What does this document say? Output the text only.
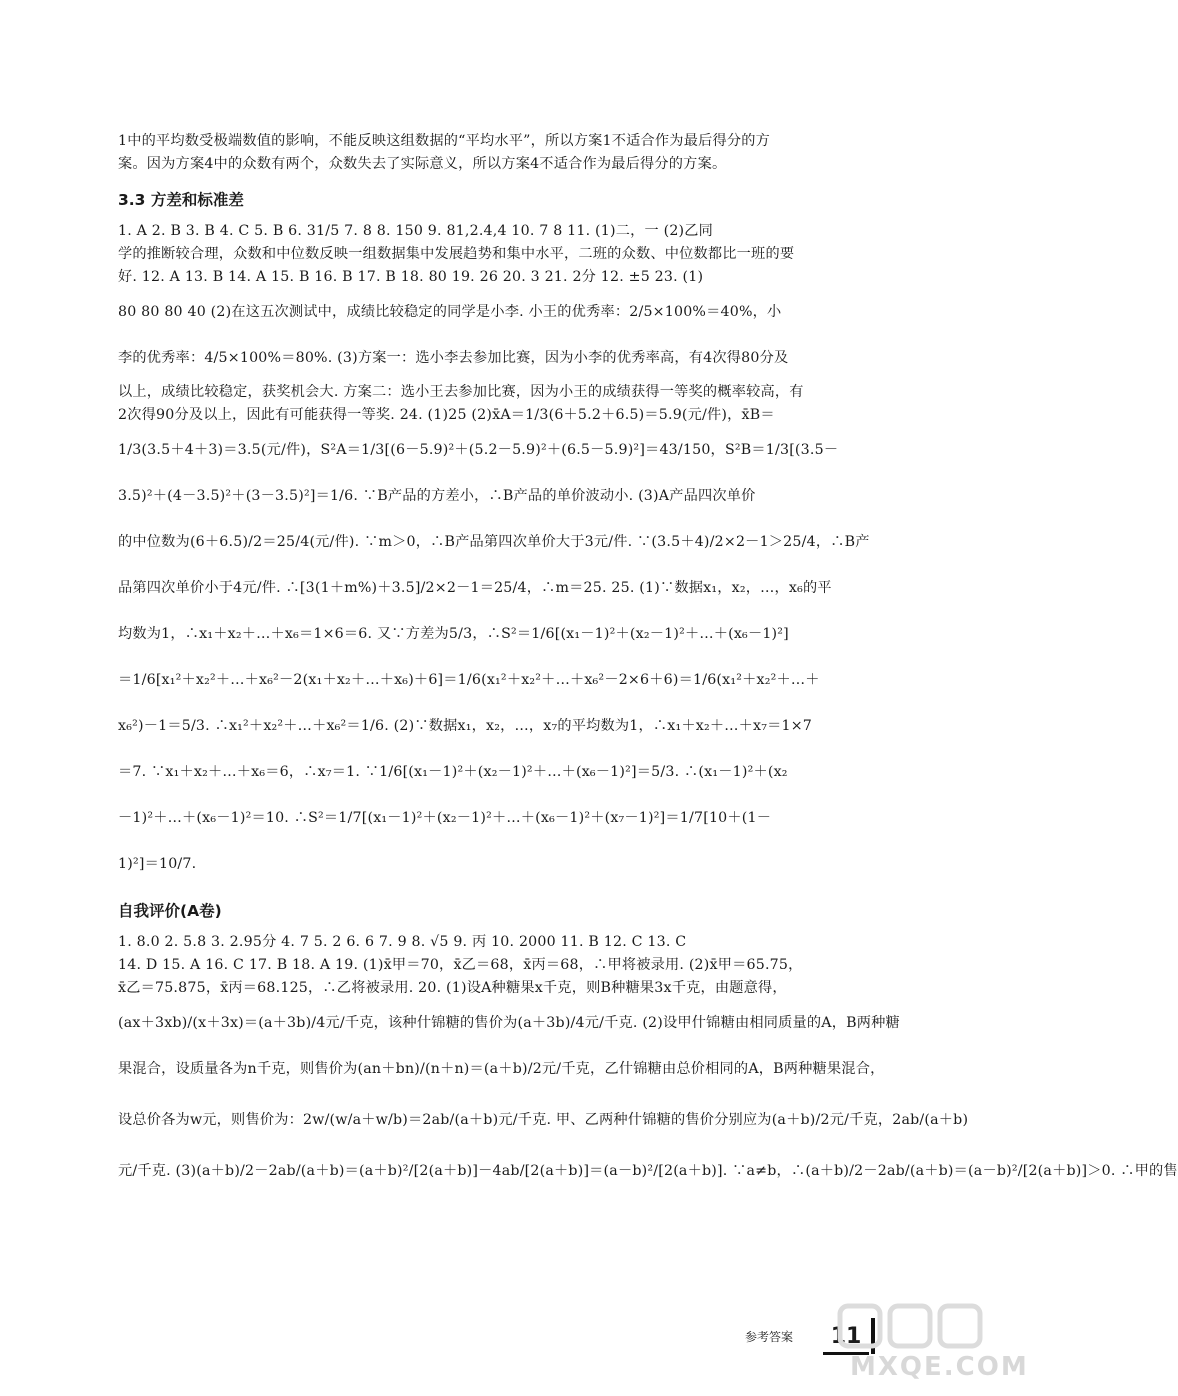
1中的平均数受极端数值的影响，不能反映这组数据的“平均水平”，所以方案1不适合作为最后得分的方
案。因为方案4中的众数有两个，众数失去了实际意义，所以方案4不适合作为最后得分的方案。
3.3 方差和标准差
1. A 2. B 3. B 4. C 5. B 6. 31/5 7. 8 8. 150 9. 81,2.4,4 10. 7 8 11. (1)二，一 (2)乙同
学的推断较合理，众数和中位数反映一组数据集中发展趋势和集中水平，二班的众数、中位数都比一班的要
好. 12. A 13. B 14. A 15. B 16. B 17. B 18. 80 19. 26 20. 3 21. 2分 12. ±5 23. (1)
80 80 80 40 (2)在这五次测试中，成绩比较稳定的同学是小李. 小王的优秀率：2/5×100%＝40%，小
李的优秀率：4/5×100%＝80%. (3)方案一：选小李去参加比赛，因为小李的优秀率高，有4次得80分及
以上，成绩比较稳定，获奖机会大. 方案二：选小王去参加比赛，因为小王的成绩获得一等奖的概率较高，有
2次得90分及以上，因此有可能获得一等奖. 24. (1)25 (2)x̄A＝1/3(6＋5.2＋6.5)＝5.9(元/件)，x̄B＝
1/3(3.5＋4＋3)＝3.5(元/件)，S²A＝1/3[(6－5.9)²＋(5.2－5.9)²＋(6.5－5.9)²]＝43/150，S²B＝1/3[(3.5－
3.5)²＋(4－3.5)²＋(3－3.5)²]＝1/6. ∵B产品的方差小，∴B产品的单价波动小. (3)A产品四次单价
的中位数为(6＋6.5)/2＝25/4(元/件). ∵m＞0，∴B产品第四次单价大于3元/件. ∵(3.5＋4)/2×2－1＞25/4，∴B产
品第四次单价小于4元/件. ∴[3(1＋m%)＋3.5]/2×2－1＝25/4，∴m＝25. 25. (1)∵数据x₁，x₂，…，x₆的平
均数为1，∴x₁＋x₂＋…＋x₆＝1×6＝6. 又∵方差为5/3，∴S²＝1/6[(x₁－1)²＋(x₂－1)²＋…＋(x₆－1)²]
＝1/6[x₁²＋x₂²＋…＋x₆²－2(x₁＋x₂＋…＋x₆)＋6]＝1/6(x₁²＋x₂²＋…＋x₆²－2×6＋6)＝1/6(x₁²＋x₂²＋…＋
x₆²)－1＝5/3. ∴x₁²＋x₂²＋…＋x₆²＝1/6. (2)∵数据x₁，x₂，…，x₇的平均数为1，∴x₁＋x₂＋…＋x₇＝1×7
＝7. ∵x₁＋x₂＋…＋x₆＝6，∴x₇＝1. ∵1/6[(x₁－1)²＋(x₂－1)²＋…＋(x₆－1)²]＝5/3. ∴(x₁－1)²＋(x₂
－1)²＋…＋(x₆－1)²＝10. ∴S²＝1/7[(x₁－1)²＋(x₂－1)²＋…＋(x₆－1)²＋(x₇－1)²]＝1/7[10＋(1－
1)²]＝10/7.
自我评价(A卷)
1. 8.0 2. 5.8 3. 2.95分 4. 7 5. 2 6. 6 7. 9 8. √5 9. 丙 10. 2000 11. B 12. C 13. C
14. D 15. A 16. C 17. B 18. A 19. (1)x̄甲＝70，x̄乙＝68，x̄丙＝68，∴甲将被录用. (2)x̄甲＝65.75，
x̄乙＝75.875，x̄丙＝68.125，∴乙将被录用. 20. (1)设A种糖果x千克，则B种糖果3x千克，由题意得，
(ax＋3xb)/(x＋3x)＝(a＋3b)/4元/千克，该种什锦糖的售价为(a＋3b)/4元/千克. (2)设甲什锦糖由相同质量的A，B两种糖
果混合，设质量各为n千克，则售价为(an＋bn)/(n＋n)＝(a＋b)/2元/千克，乙什锦糖由总价相同的A，B两种糖果混合，
设总价各为w元，则售价为：2w/(w/a＋w/b)＝2ab/(a＋b)元/千克. 甲、乙两种什锦糖的售价分别应为(a＋b)/2元/千克，2ab/(a＋b)
元/千克. (3)(a＋b)/2－2ab/(a＋b)＝(a＋b)²/[2(a＋b)]－4ab/[2(a＋b)]＝(a－b)²/[2(a＋b)]. ∵a≠b，∴(a＋b)/2－2ab/(a＋b)＝(a－b)²/[2(a＋b)]＞0. ∴甲的售
参考答案	11
MXQE.COM
